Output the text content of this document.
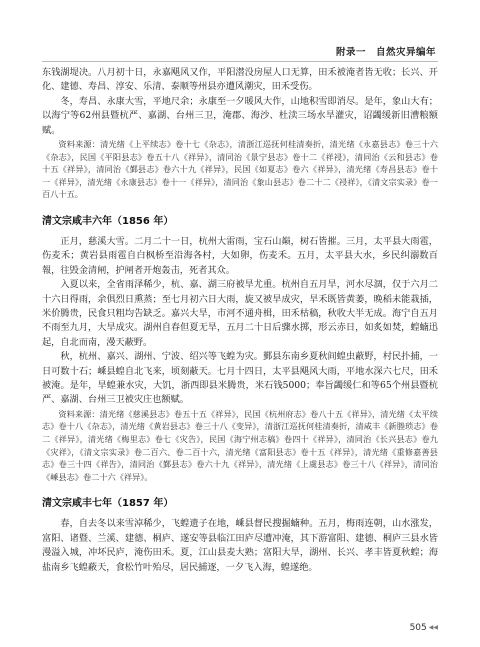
附录一　自然灾异编年

东钱湖堤决。八月初十日，永嘉飓风又作，平阳潜没房屋人口无算，田禾被淹者皆无收；长兴、开化、建德、寿昌、淳安、乐清、泰顺等州县亦遭风潮灾，田禾受伤。

冬，寿昌、永康大雪，平地尺余；永康至一夕暖风大作，山地积雪即消尽。是年，象山大有；以海宁等62州县暨杭严、嘉湖、台州三卫，淹郡、海沙、杜渎三场水旱灌灾，诏蠲缓新旧漕粮额赋。

资料来源：清光绪《上平续志》卷十七《杂志》，清浙江巡抚何桂清奏折，清光绪《永嘉县志》卷三十六《杂志》，民国《平阳县志》卷五十八《祥异》，清同治《景宁县志》卷十二《祥祲》，清同治《云和县志》卷十五《祥异》，清同治《鄞县志》卷六十九《祥异》，民国《如夏志》卷六《祥异》，清光绪《寿昌县志》卷十一《祥异》，清光绪《永康县志》卷十一《祥异》，清同治《象山县志》卷二十二《祲祥》，《清文宗实录》卷一百八十五。

清文宗咸丰六年（1856 年）

正月，慈溪大雪。二月二十一日，杭州大雷雨，宝石山巅，树石皆摧。三月，太平县大雨雹，伤麦禾；黄岩县雨雹自白枫桥至沿海各村，大如卵，伤麦禾。五月，太平县大水，乡民纠溺数百報，往毁金清闸，护闸者开炮轰击，死者其众。

入夏以来，全省雨泽稀少，杭、嘉、湖三府被旱尤重。杭州自五月旱，河水尽涸，仅于六月二十六日得雨，余俱烈日熏蒸；至七月初六日大雨，旋又被旱成灾，旱禾既皆黄萎，晚稻未能栽插，米价腾贵，民食只粗均告缺乏。嘉兴大旱，市河不通舟楫，田禾枯稿，秋收大半无成。海宁自五月不雨至九月，大旱成灾。湖州自春但夏无旱，五月二十日后骤水掷，形云赤日，如炙如焚，蝗蝻迅起，自北而南，漫天蔽野。

秋，杭州、嘉兴、湖州、宁波、绍兴等飞蝗为灾。鄞县东南乡夏秋间蝗虫蔽野，村民扑捕，一日可数十石；嵊县蝗自北飞来，顷刻蔽天。七月十四日，太平县飓风大雨，平地水深六七尺，田禾被淹。是年，旱蝗兼水灾，大饥，浙西即县米腾贵，米石钱5000；奉旨蠲缓仁和等65个州县暨杭严、嘉湖、台州三卫被灾庄也额赋。

资料来源：清光绪《慈溪县志》卷五十五《祥异》，民国《杭州府志》卷八十五《祥异》，清光绪《太平续志》卷十八《杂志》，清光绪《黄岩县志》卷三十八《变异》，清浙江巡抚何桂清奏折，清咸丰《新塍琐志》卷二《祥异》，清光绪《梅里志》卷七《灾告》，民国《海宁州志稿》卷四十《祥异》，清同治《长兴县志》卷九《灾祥》，《清文宗实录》卷二百六、卷二百十六，清光绪《富阳县志》卷十五《祥异》，清光绪《重修嘉善县志》卷三十四《祥告》，清同治《鄞县志》卷六十九《祥异》，清光绪《上虞县志》卷三十八《祥异》，清同治《嵊县志》卷二十六《祥异》。

清文宗咸丰七年（1857 年）

春，自去冬以来雪淖稀少，飞蝗遗子在地，嵊县督民搜掘蝻种。五月，梅雨连朝，山水涨发，富阳、诸暨、兰溪、建德、桐庐、遂安等县临江田庐尽遭冲淹，其下游富阳、建德、桐庐三县水皆漫溢入城，冲坏民庐，淹伤田禾。夏，江山县麦大熟；富阳大旱，湖州、长兴、孝丰皆夏秋蝗；海盐南乡飞蝗蔽天，食松竹叶殆尽，居民捕逐，一夕飞入海，蝗遂绝。

505 ◀◀
